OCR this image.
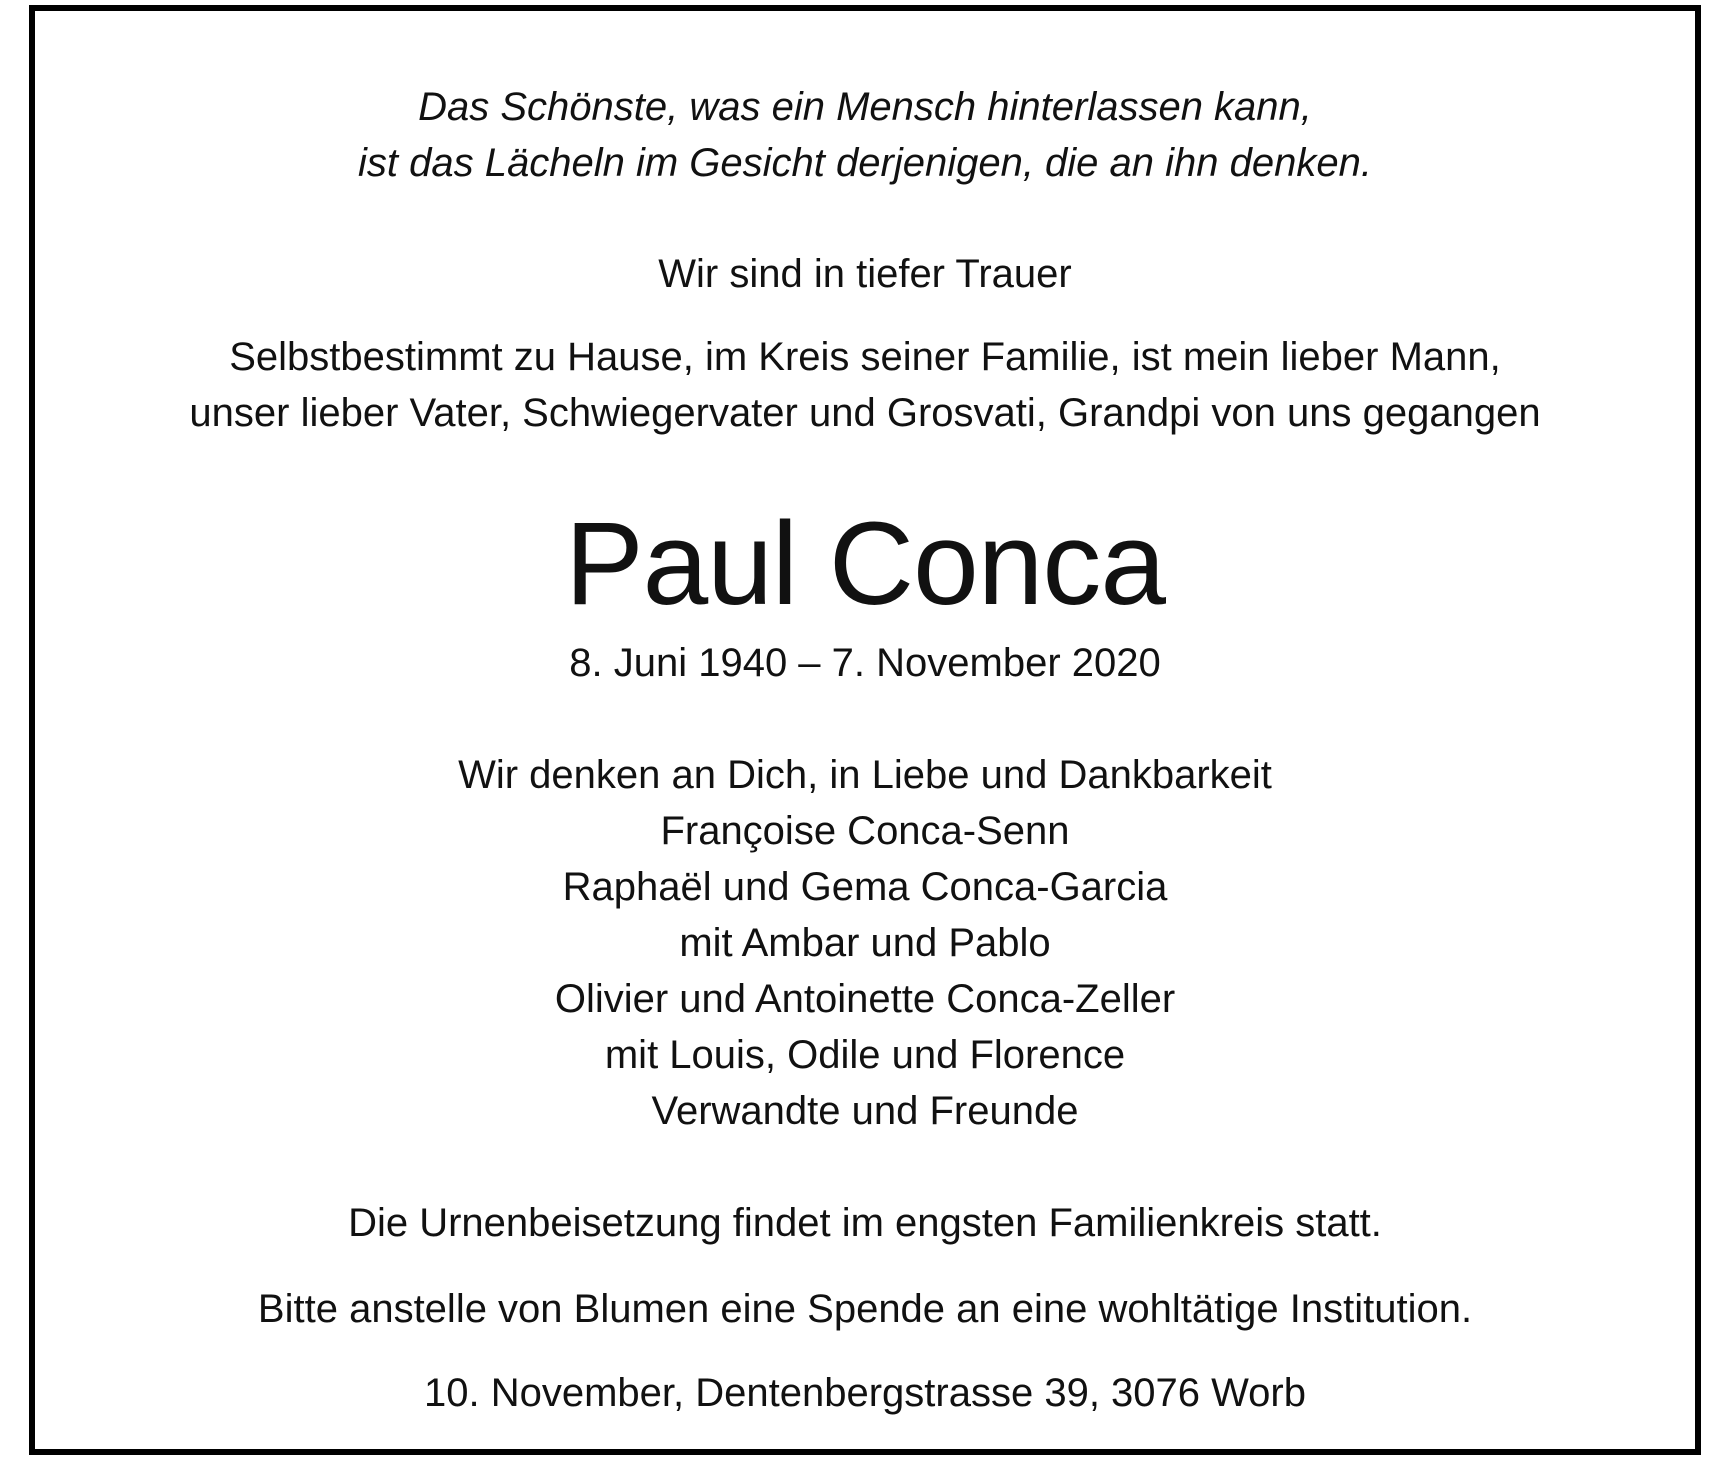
Das Schönste, was ein Mensch hinterlassen kann,

ist das Lächeln im Gesicht derjenigen, die an ihn denken.

Wir sind in tiefer Trauer

Selbstbestimmt zu Hause, im Kreis seiner Familie, ist mein lieber Mann,

unser lieber Vater, Schwiegervater und Grosvati, Grandpi von uns gegangen

Paul Conca

8. Juni 1940 – 7. November 2020

Wir denken an Dich, in Liebe und Dankbarkeit

Françoise Conca-Senn

Raphaël und Gema Conca-Garcia

mit Ambar und Pablo

Olivier und Antoinette Conca-Zeller

mit Louis, Odile und Florence

Verwandte und Freunde

Die Urnenbeisetzung findet im engsten Familienkreis statt.

Bitte anstelle von Blumen eine Spende an eine wohltätige Institution.

10. November, Dentenbergstrasse 39, 3076 Worb
